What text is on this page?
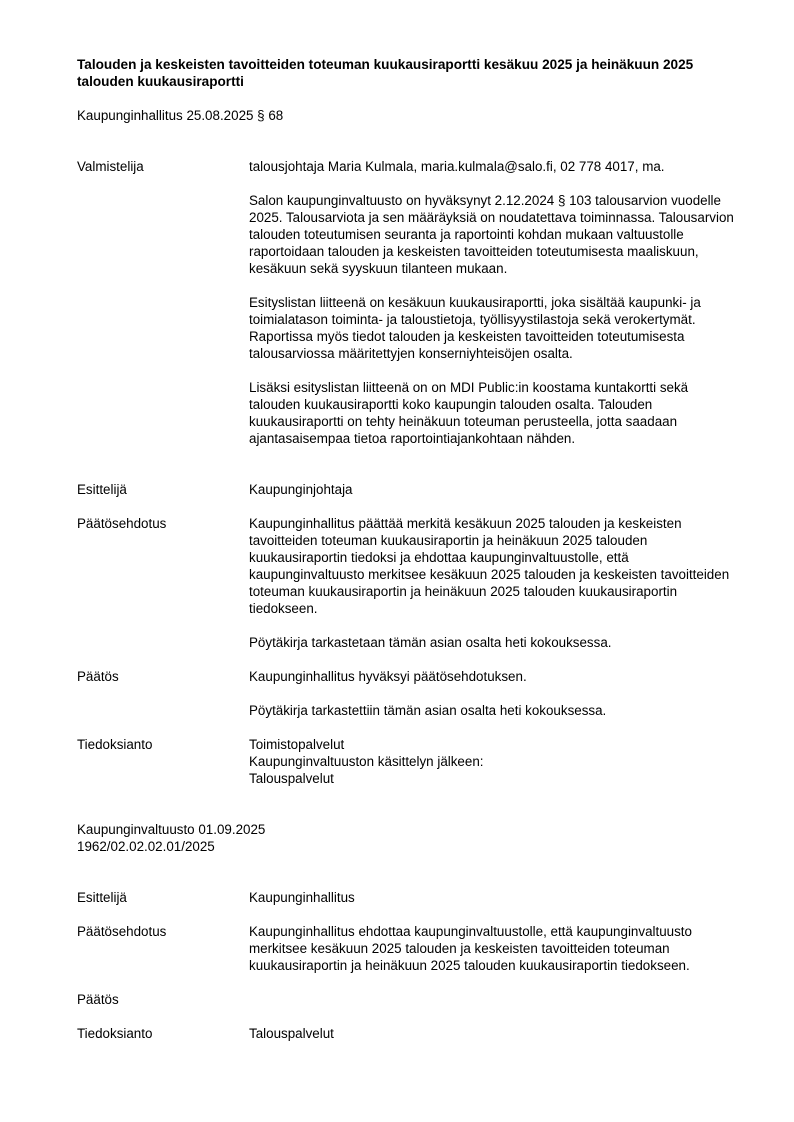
Talouden ja keskeisten tavoitteiden toteuman kuukausiraportti kesäkuu 2025 ja heinäkuun 2025 talouden kuukausiraportti

Kaupunginhallitus 25.08.2025 § 68

Valmistelija	talousjohtaja Maria Kulmala, maria.kulmala@salo.fi, 02 778 4017, ma.

Salon kaupunginvaltuusto on hyväksynyt 2.12.2024 § 103 talousarvion vuodelle 2025. Talousarviota ja sen määräyksiä on noudatettava toiminnassa. Talousarvion talouden toteutumisen seuranta ja raportointi kohdan mukaan valtuustolle raportoidaan talouden ja keskeisten tavoitteiden toteutumisesta maaliskuun, kesäkuun sekä syyskuun tilanteen mukaan.

Esityslistan liitteenä on kesäkuun kuukausiraportti, joka sisältää kaupunki- ja toimialatason toiminta- ja taloustietoja, työllisyystilastoja sekä verokertymät. Raportissa myös tiedot talouden ja keskeisten tavoitteiden toteutumisesta talousarviossa määritettyjen konserniyhteisöjen osalta.

Lisäksi esityslistan liitteenä on on MDI Public:in koostama kuntakortti sekä talouden kuukausiraportti koko kaupungin talouden osalta. Talouden kuukausiraportti on tehty heinäkuun toteuman perusteella, jotta saadaan ajantasaisempaa tietoa raportointiajankohtaan nähden.

Esittelijä	Kaupunginjohtaja
Päätösehdotus	Kaupunginhallitus päättää merkitä kesäkuun 2025 talouden ja keskeisten tavoitteiden toteuman kuukausiraportin ja heinäkuun 2025 talouden kuukausiraportin tiedoksi ja ehdottaa kaupunginvaltuustolle, että kaupunginvaltuusto merkitsee kesäkuun 2025 talouden ja keskeisten tavoitteiden toteuman kuukausiraportin ja heinäkuun 2025 talouden kuukausiraportin tiedokseen.

Pöytäkirja tarkastetaan tämän asian osalta heti kokouksessa.

Päätös	Kaupunginhallitus hyväksyi päätösehdotuksen.

Pöytäkirja tarkastettiin tämän asian osalta heti kokouksessa.

Tiedoksianto	Toimistopalvelut

Kaupunginvaltuuston käsittelyn jälkeen:

Talouspalvelut

Kaupunginvaltuusto 01.09.2025

1962/02.02.02.01/2025

Esittelijä	Kaupunginhallitus
Päätösehdotus	Kaupunginhallitus ehdottaa kaupunginvaltuustolle, että kaupunginvaltuusto merkitsee kesäkuun 2025 talouden ja keskeisten tavoitteiden toteuman kuukausiraportin ja heinäkuun 2025 talouden kuukausiraportin tiedokseen.
Päätös
Tiedoksianto	Talouspalvelut
